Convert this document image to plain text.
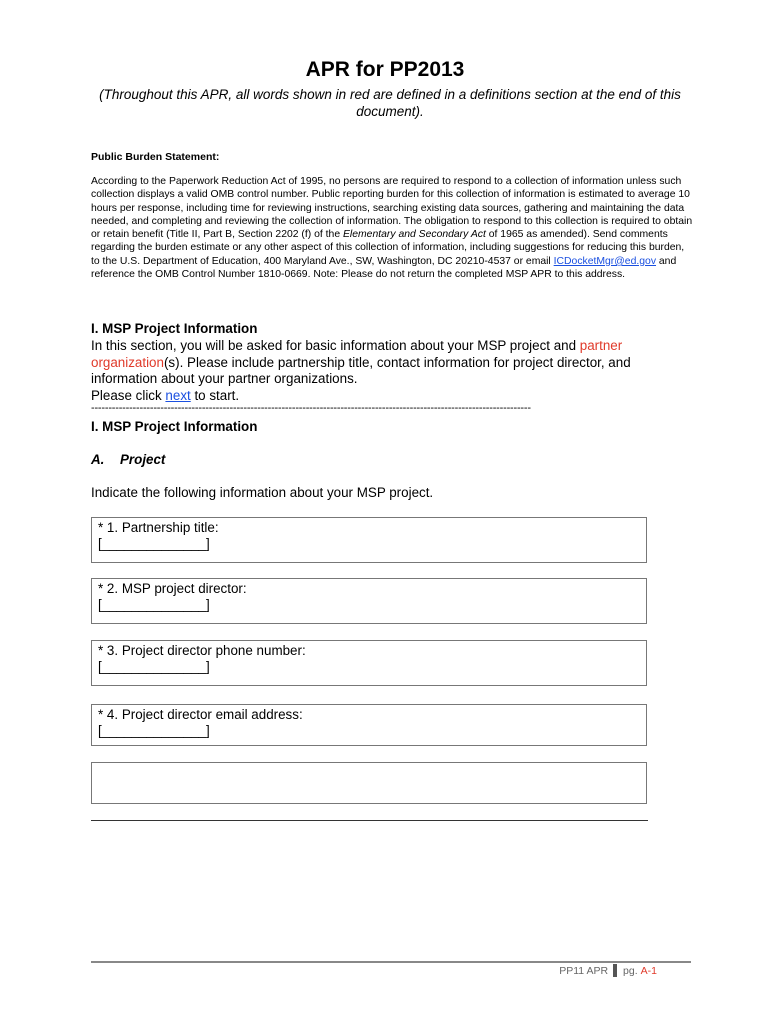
APR for PP2013
(Throughout this APR, all words shown in red are defined in a definitions section at the end of this document).
Public Burden Statement:
According to the Paperwork Reduction Act of 1995, no persons are required to respond to a collection of information unless such collection displays a valid OMB control number. Public reporting burden for this collection of information is estimated to average 10 hours per response, including time for reviewing instructions, searching existing data sources, gathering and maintaining the data needed, and completing and reviewing the collection of information. The obligation to respond to this collection is required to obtain or retain benefit (Title II, Part B, Section 2202 (f) of the Elementary and Secondary Act of 1965 as amended). Send comments regarding the burden estimate or any other aspect of this collection of information, including suggestions for reducing this burden, to the U.S. Department of Education, 400 Maryland Ave., SW, Washington, DC 20210-4537 or email ICDocketMgr@ed.gov and reference the OMB Control Number 1810-0669. Note: Please do not return the completed MSP APR to this address.
I. MSP Project Information
In this section, you will be asked for basic information about your MSP project and partner organization(s). Please include partnership title, contact information for project director, and information about your partner organizations.
Please click next to start.
-------------------------------------------------------------------------------------------------------------------------------
I. MSP Project Information
A. Project
Indicate the following information about your MSP project.
* 1. Partnership title:
[______________]
* 2. MSP project director:
[______________]
* 3. Project director phone number:
[______________]
* 4. Project director email address:
[______________]
PP11 APR pg. A-1
